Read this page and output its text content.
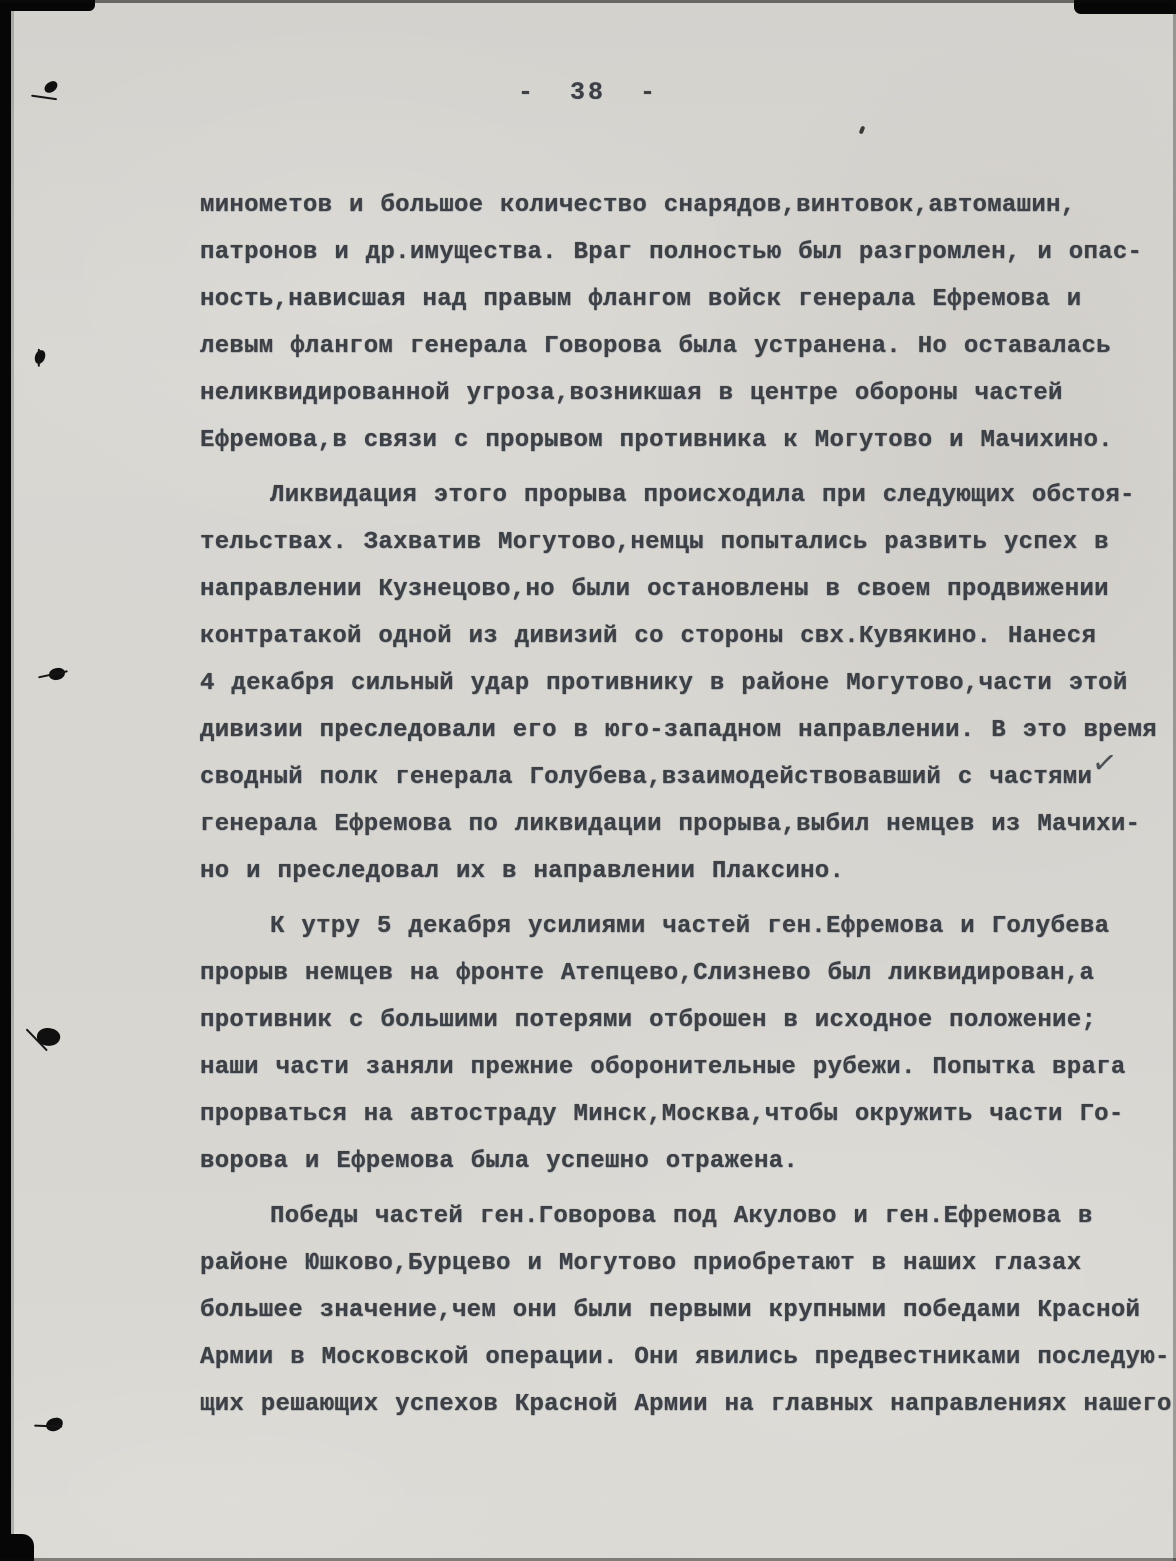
- 38 -
минометов и большое количество снарядов,винтовок,автомашин,
патронов и др.имущества. Враг полностью был разгромлен, и опас-
ность,нависшая над правым флангом войск генерала Ефремова и
левым флангом генерала Говорова была устранена. Но оставалась
неликвидированной угроза,возникшая в центре обороны частей
Ефремова,в связи с прорывом противника к Могутово и Мачихино.
Ликвидация этого прорыва происходила при следующих обстоя-
тельствах. Захватив Могутово,немцы попытались развить успех в
направлении Кузнецово,но были остановлены в своем продвижении
контратакой одной из дивизий со стороны свх.Кувякино. Нанеся
4 декабря сильный удар противнику в районе Могутово,части этой
дивизии преследовали его в юго-западном направлении. В это время
сводный полк генерала Голубева,взаимодействовавший с частями
генерала Ефремова по ликвидации прорыва,выбил немцев из Мачихи-
но и преследовал их в направлении Плаксино.
К утру 5 декабря усилиями частей ген.Ефремова и Голубева
прорыв немцев на фронте Атепцево,Слизнево был ликвидирован,а
противник с большими потерями отброшен в исходное положение;
наши части заняли прежние оборонительные рубежи. Попытка врага
прорваться на автостраду Минск,Москва,чтобы окружить части Го-
ворова и Ефремова была успешно отражена.
Победы частей ген.Говорова под Акулово и ген.Ефремова в
районе Юшково,Бурцево и Могутово приобретают в наших глазах
большее значение,чем они были первыми крупными победами Красной
Армии в Московской операции. Они явились предвестниками последую-
щих решающих успехов Красной Армии на главных направлениях нашего
✓
